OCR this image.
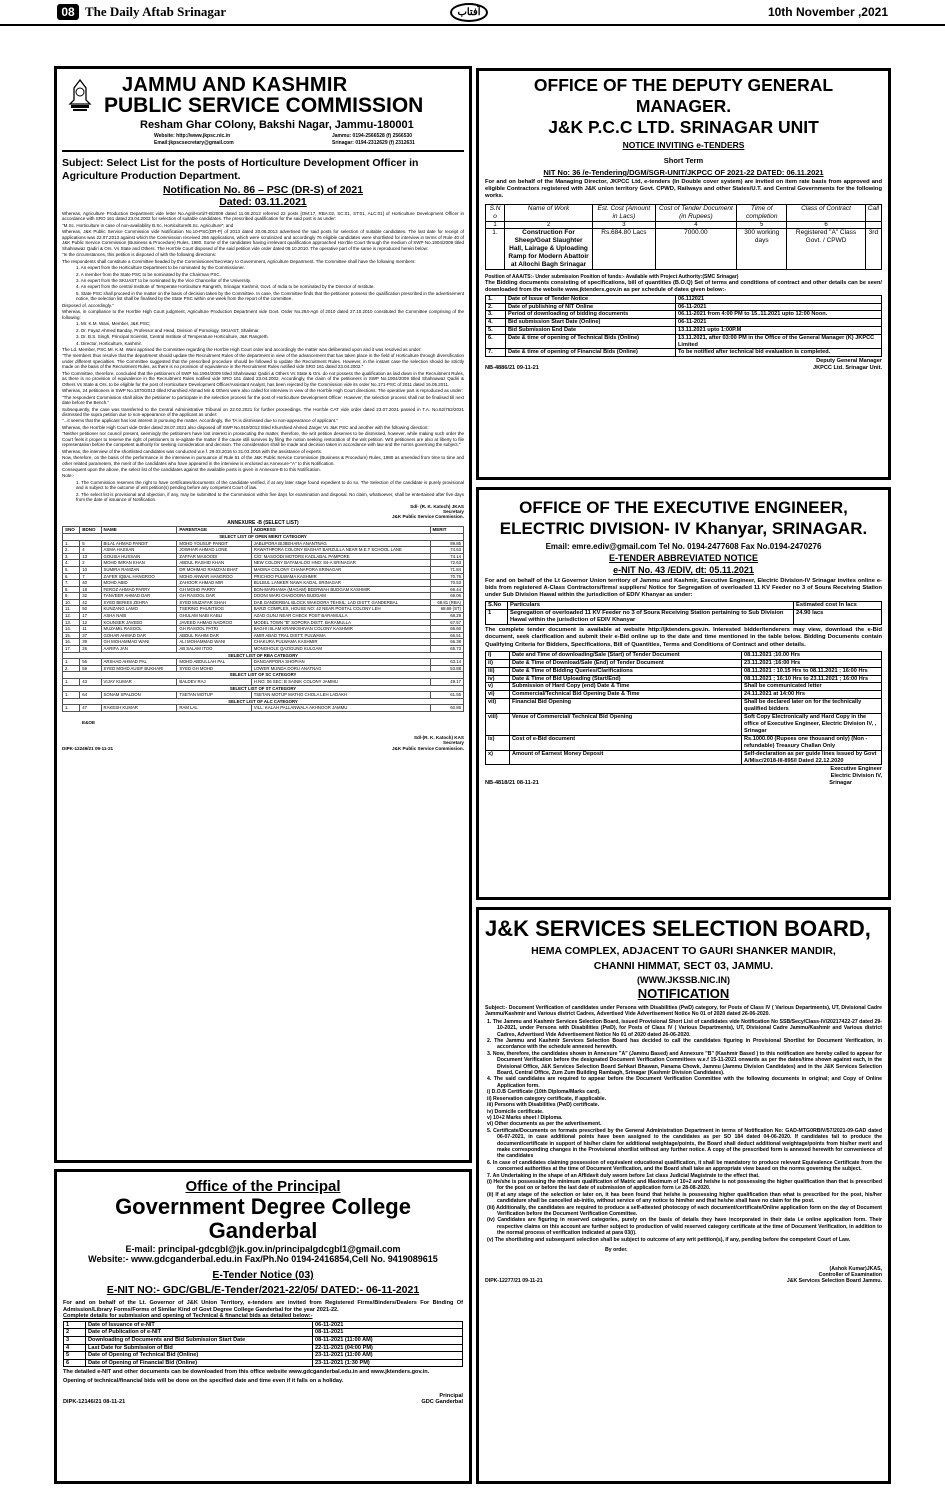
08 The Daily Aftab Srinagar	آفتاب	10th November ,2021
JAMMU AND KASHMIR
PUBLIC SERVICE COMMISSION
Resham Ghar COlony, Bakshi Nagar, Jammu-180001
Website: http://www.jkpsc.nic.in
Email:jkpscsecretary@gmail.com
Jammu: 0194-2566528 (f) 2566530
Srinagar: 0194-2312629 (f) 2312631
Subject: Select List for the posts of Horticulture Development Officer in Agriculture Production Department.
Notification No. 86 – PSC (DR-S) of 2021
Dated: 03.11.2021

Whereas, Agriculture Production Department vide letter No.Agri/Horti/7-B/2009 dated 11.06.2013 referred 22 posts [OM:17, RBA:02, SC:01, ST:01, ALC:01] of Horticulture Development Officer in accordance with SRO 161 dated 23.04.2002 for selection of suitable candidates. The prescribed qualification for the said post is as under:

"M.Sc. Horticulture in case of non-availability B.Sc. Horticulture/B.Sc. Agriculture"; and

Whereas, J&K Public Service Commission vide Notification No.10-PSC(DR-P) of 2013 dated 20.06.2013 advertised the said posts for selection of suitable candidates. The last date for receipt of applications was 22.07.2013 against which the Commission received 266 applications, which were scrutinized and accordingly 76 eligible candidates were shortlisted for interview in terms of Rule 40 of J&K Public Service Commission (Business & Procedure) Rules, 1980. Some of the candidates having irrelevant qualification approached Hon'ble Court through the medium of SWP No.1904/2009 titled Shahnawaz Qadiri & Ors. Vs State and Others. The Hon'ble Court disposed of the said petition vide order dated 08.10.2010. The operative part of the same is reproduced herein below:

"In the circumstances, this petition is disposed of with the following directions:

The respondents shall constitute a Committee headed by the Commissioner/Secretary to Government, Agriculture Department. The Committee shall have the following members:

1. An expert from the Horticulture Department to be nominated by the Commissioner.

2. A member from the State PSC to be nominated by the Chairman PSC.

3. An expert from the SKUAST to be nominated by the Vice Chancellor of the University.

4. An expert from the central Institute of Temperate Horticulture Rangreth, Srinagar Kashmir, Govt. of India to be nominated by the Director of Institute.

5. State PSC shall proceed in the matter on the basis of decision taken by the Committee. In case, the Committee finds that the petitioner possess the qualification prescribed in the advertisement notice, the selection list shall be finalised by the State PSC within one week from the report of the committee.

Disposed of, accordingly."

Whereas, in compliance to the Hon'ble High Court judgment, Agriculture Production Department vide Govt. Order No.264-Agri of 2010 dated 27.10.2010 constituted the Committee comprising of the following:

1. Mr. K.M. Wani, Member, J&K PSC;

2. Dr. Fayaz Ahmed Banday, Professor and Head, Division of Pomology, SKUAST, Shalimar.

3. Dr. B.S. Singh, Principal Scientist, Central Institute of Temperature Horticulture, J&K Rangreth.

4. Director, Horticulture, Kashmir.

The Ld. Member, PSC Mr. K.M. Wani apprised the Committee regarding the Hon'ble High Court order and accordingly the matter was deliberated upon and it was resolved as under:

"The members thus resolve that the department should update the Recruitment Rules of the department in view of the advancement that has taken place in the field of Horticulture through diversification under different specialties. The Committee suggested that the prescribed procedure should be followed to update the Recruitment Rules. However, in the instant case the selection should be strictly made on the basis of the Recruitment Rules, as there is no provision of equivalence in the Recruitment Rules notified vide SRO 161 dated 23.04.2002."

The Committee, therefore, concluded that the petitioners of SWP No.1904/2009 titled Shahnawaz Qadiri & Others Vs State & Ors. do not possess the qualification as laid down in the Recruitment Rules, as there is no provision of equivalence in the Recruitment Rules notified vide SRO 161 dated 23.04.2002. Accordingly, the claim of the petitioners in SWP No.1904/2009 titled Shahnawaz Qadiri & Others Vs State & Ors. to be eligible for the post of Horticulture Development Officer/Assistant Analyst, has been rejected by the Commission vide its order No.171-PSC of 2011 dated 16.05.2011.

Whereas, 24 petitioners in SWP No.1870/2013 titled Khurshied Ahmad Mir & Others were also called for interview in view of the Hon'ble High Court directions. The operative part is reproduced as under:

"The respondent Commission shall allow the petitioner to participate in the selection process for the post of Horticulture Development Officer. However, the selection process shall not be finalised till next date before the Bench."

Subsequently, the case was transferred to the Central Administrative Tribunal on 22.02.2021 for further proceedings. The Hon'ble CAT vide order dated 23.07.2021 passed in T.A. No.62/762/2021 dismissed the supra petition due to non-appearance of the applicant as under:

"...it seems that the applicant has lost interest in pursuing the matter. Accordingly, the TA is dismissed due to non-appearance of applicant."

Whereas, the Hon'ble High Court vide Order dated 28.07.2021 also disposed off SWP No.919/2012 titled Khurshied Ahmed Zarger Vs J&K PSC and another with the following direction:

"Neither petitioner nor council present, seemingly the petitioners have lost interest in prosecuting the matter, therefore, the writ petition deserves to be dismissed, however, while making such order the Court feels it proper to reserve the right of petitioners to re-agitate the matter if the cause still survives by filing the notion seeking restoration of the writ petition. Writ petitioners are also at liberty to file representation before the competent authority for seeking consideration and decision. The consideration shall be made and decision taken in accordance with law and the norms governing the subject."

Whereas, the interview of the shortlisted candidates was conducted w.e.f. 29.03.2016 to 31.03.2016 with the assistance of experts.

Now, therefore, on the basis of the performance in the interview in pursuance of Rule 51 of the J&K Public Service Commission (Business & Procedure) Rules, 1980 as amended from time to time and other related parameters, the merit of the candidates who have appeared in the interview is enclosed as Annexure-"A" to this Notification.

Consequent upon the above, the select list of the candidates against the available posts is given in Annexure-B to this Notification.

Note:-

1. The Commission reserves the right to have certificates/documents of the candidate verified, if at any later stage found expedient to do so. The Selection of the candidate is purely provisional and is subject to the outcome of writ petition(s) pending before any competent Court of law.

2. The select list is provisional and objection, if any, may be submitted to the Commission within five days for examination and disposal. No claim, whatsoever, shall be entertained after five days from the date of issuance of Notification.

Sd/- (R. K. Katoch) JKAS
Secretary
J&K Public Service Commission.
ANNEXURE -B (SELECT LIST)
SNO	BDNO	NAME	PARENTAGE	ADDRESS	MERIT
SELECT LIST OF OPEN MERIT CATEGORY					
1.	5	BILAL AHMAD PANDIT	MOHD YOUSUF PANDIT	JABLIPORA BIJBEHARA ANANTNAG	89.85
2.	4	ASMA HASSAN	JOWHAR AHMAD LONE	RAWATHPORA COLONY BAGHAT BARZULLA NEAR M.E.T SCHOOL LANE	74.63
3.	13	GOUSIA HUSSAIN	ZAFFAR MASOODI	C/O: MASOODI MOTORS KADLABAL PAMPORE	74.14
4.	2	MOHD IMRAN KHAN	ABDUL RASHID KHAN	NEW COLONY BATAMALOO HNO: 84-A SRINAGAR	72.63
5.	10	SUMIRA RAMZAN	DR MOHMAD RAMZAN BHAT	MADINA COLONY CHANAPORA SRINAGAR	71.84
6.	7	ZAFER IQBAL HANGROO	MOHD ANWAR HANGROO	PRICHOO PULWAMA KASHMIR	70.76
7.	40	MOHD ABID	ZAHOOR AHMAD MIR	BULBUL LANKER NAWA KADAL SRINAGAR	70.53
8.	18	FEROZ AHMAD PARRY	GH MOHD PARRY	BON-MARHAMA (MAGAM) BEERWAH BUDGAM KASHMIR	69.44
9.	32	TANVEER AHMAD DAR	GH RASOOL DAR	DOONI WARI CHADOORA BUDGAM	69.06
10.	42	SYED BERIES ZEHRA	SYED MUZAFAR SHAH	DAB GANDERBAL BLOCK WAKOORA TEHSIL: LAD DISTT: GANDERBAL	68.81 (RBA)
11.	50	KUNZANG LAMO	TSERING PHUNTSOG	BARZI COMPLEX, HOUSE NO: 42 NEAR POSTAL COLONY LEH	68.69 (ST)
12.	17	ASHA NABI	GHULAM NABI KABLI	AZAD GUNJ NEAR CHECK POST BARAMULLA	68.29
13.	12	KOUNSER JAVEED	JAVEED AHMAD NADROO	MODEL TOWN "B" SOPORA DISTT. BARAMULLA	67.57
14.	11	MUZAMIL RASOOL	GH RASOOL PATRI	BAGHI ISLAM KRANKSHIVAN COLONY KASHMIR	66.60
15.	37	GOHAR AHMAD DAR	ABDUL RAHIM DAR	AMIR ABAD TRAL DISTT: PULWAMA	66.51
16.	39	GH MOHAMMAD WANI	ALI MOHAMMAD WANI	CHAKURA PULWAMA KASHMIR	66.38
17.	26	AARIFA JAN	AB SALAM ITOO	MONGHOLE QAZIGUND KULGAM	65.73
SELECT LIST OF RBA CATEGORY					
1.	56	ARSHAD AHMAD PAL	MOHD ABDULLAH PAL	DANGARPORA SHOPIAN	63.14
2.	59	SYED MOHD AUSIF BUKHARI	SYED GH MOHD	LOWER MUNDA DORU ANATNAG	53.88
SELECT LIST OF SC CATEGORY					
1.	43	VIJAY KUMAR	BALDEV RAJ	H.NO: 06 SEC: B SAINIK COLONY JAMMU	49.17
SELECT LIST OF ST CATEGORY					
1.	64	SONAM SPALDON	TSETAN MOTUP	TSETAN MOTUP MATHO CHOLA LEH LADAKH	61.55
SELECT LIST OF ALC CATEGORY					
1.	47	RAKESH KUMAR	RAM LAL	VILL: KALAH PALLANWALA AKHNOOR JAMMU	60.86
E&OE
Sd/-(R. K. Katoch) KAS
Secretary
DIPK-12249/21 09-11-21	J&K Public Service Commission.
Office of the Principal
Government Degree College Ganderbal
E-mail: principal-gdcgbl@jk.gov.in/principalgdcgbl1@gmail.com
Website:- www.gdcganderbal.edu.in Fax/Ph.No 0194-2416854,Cell No. 9419089615
E-Tender Notice (03)
E-NIT NO:- GDC/GBL/E-Tender/2021-22/05/ DATED:- 06-11-2021
For and on behalf of the Lt. Governor of J&K Union Territory, e-tenders are invited from Registered Firms/Binders/Dealers For Binding Of Admission/Library Forms/Forms of Similar Kind of Govt Degree College Ganderbal for the year 2021-22.
Complete details for submission and opening of Technical & financial bids as detailed below:-
1	Date of Issuance of e-NIT	06-11-2021
2	Date of Publication of e-NIT	08-11-2021
3	Downloading of Documents and Bid Submission Start Date	08-11-2021 (11:00 AM)
4	Last Date for Submission of Bid	22-11-2021 (04:00 PM)
5	Date of Opening of Technical Bid (Online)	23-11-2021 (11:00 AM)
6	Date of Opening of Financial Bid (Online)	23-11-2021 (1:30 PM)
The detailed e-NIT and other documents can be downloaded from this office website www.gdcganderbal.edu.in and www.jktenders.gov.in.
Opening of technical/financial bids will be done on the specified date and time even if it falls on a holiday.
Principal
DIPK-12146/21 08-11-21	GDC Ganderbal
OFFICE OF THE DEPUTY GENERAL MANAGER.
J&K P.C.C LTD. SRINAGAR UNIT
NOTICE INVITING e-TENDERS
Short Term
NIT No: 36 /e-Tendering/DGM/SGR-UNIT/JKPCC OF 2021-22 DATED: 06.11.2021
For and on behalf of the Managing Director, JKPCC Ltd, e-tenders (In Double cover system) are invited on item rate basis from approved and eligible Contractors registered with J&K union territory Govt. CPWD, Railways and other States/U.T. and Central Governments for the following works.
S.N o	Name of Work	Est. Cost (Amount in Lacs)	Cost of Tender Document (in Rupees)	Time of completion	Class of Contract	Call
1	2	3	4	5	6	
1.	Construction For Sheep/Goat Slaughter Hall, Lairage & Uploading Ramp for Modern Abattoir at Allochi Bagh Srinagar	Rs.684.80 Lacs	7000.00	300 working days	Registered "A" Class Govt. / CPWD	3rd
Position of AAA/TS:- Under submission Position of funds:- Available with Project Authority:(SMC Srinagar)
The Bidding documents consisting of specifications, bill of quantities (B.O.Q) Set of terms and conditions of contract and other details can be seen/ downloaded from the website www.jktenders.gov.in as per schedule of dates given below:-
1.	Date of Issue of Tender Notice	06.112021
2.	Date of publishing of NIT Online	06-11-2021
3.	Period of downloading of bidding documents	06.11-2021 from 4:00 PM to 15..11.2021 upto 12:00 Noon.
4.	Bid submission Start Date (Online)	06-11-2021
5.	Bid Submission End Date	13.11.2021 upto 1:00P.M
6.	Date & time of opening of Technical Bids (Online)	13.11.2021, after 03:00 PM in the Office of the General Manager (K) JKPCC Limited
7.	Date & time of opening of Financial Bids (Online)	To be notified after technical bid evaluation is completed.
Deputy General Manager
NB-4886/21 09-11-21	JKPCC Ltd. Srinagar Unit.
OFFICE OF THE EXECUTIVE ENGINEER,
ELECTRIC DIVISION- IV Khanyar, SRINAGAR.
Email: emre.ediv@gmail.com Tel No. 0194-2477608 Fax No.0194-2470276
E-TENDER ABBREVIATED NOTICE
e-NIT No. 43 /EDIV, dt: 05.11.2021
For and on behalf of the Lt Governor Union territory of Jammu and Kashmir, Executive Engineer, Electric Division-IV Srinagar invites online e-bids from registered A-Class Contractors/firms/ suppliers/ Notice for Segregation of overloaded 11 KV Feeder no 3 of Soura Receiving Station under Sub Division Hawal within the jurisdiction of EDIV Khanyar as under:
S.No	Particulars	Estimated cost In lacs
1	Segregation of overloaded 11 KV Feeder no 3 of Soura Receiving Station pertaining to Sub Division Hawal within the jurisdiction of EDIV Khanyar	24.90 lacs
The complete tender document is available at website http://jktenders.gov.in. Interested bidder/tenderers may view, download the e-Bid document, seek clarification and submit their e-Bid online up to the date and time mentioned in the table below. Bidding Documents contain Qualifying Criteria for Bidders, Specifications, Bill of Quantities, Terms and Conditions of Contract and other details.
i)	Date and Time of downloading/Sale (Start) of Tender Document	08.11.2021 ;10.00 Hrs
ii)	Date & Time of Download/Sale (End) of Tender Document	23.11.2021 ;16:00 Hrs
iii)	Date & Time of Bidding Queries/Clarifications	08.11.2021 : 10.15 Hrs to 08.11.2021 ; 16:00 Hrs
iv)	Date & Time of Bid Uploading (Start/End)	08.11.2021 ; 16:10 Hrs to 23.11.2021 ; 16:00 Hrs
v)	Submission of Hard Copy (end) Date & Time	Shall be communicated letter
vi)	Commercial/Technical Bid Opening Date & Time	24.11.2021 at 14:00 Hrs
vii)	Financial Bid Opening	Shall be declared later on for the technically qualified bidders
viii)	Venue of Commercial/ Technical Bid Opening	Soft Copy Electronically and Hard Copy in the office of Executive Engineer, Electric Division IV, , Srinagar
ix)	Cost of e-Bid document	Rs.1000.00 (Rupees one thousand only) (Non -refundable) Treasury Challan Only
x)	Amount of Earnest Money Deposit	Self-declaration as per guide lines issued by Govt A/Misc/2018-III-895/I Dated 22.12.2020
Executive Engineer
Electric Division IV,
NB-4818/21 08-11-21	Srinagar
J&K SERVICES SELECTION BOARD,
HEMA COMPLEX, ADJACENT TO GAURI SHANKER MANDIR,
CHANNI HIMMAT, SECT 03, JAMMU.
(WWW.JKSSB.NIC.IN)
NOTIFICATION
Subject:- Document Verification of candidates under Persons with Disabilities (PwD) category, for Posts of Class IV ( Various Departments), UT, Divisional Cadre Jammu/Kashmir and Various district Cadres, Advertised Vide Advertisement Notice No 01 of 2020 dated 26-06-2020.
1. The Jammu and Kashmir Services Selection Board, issued Provisional Short List of candidates vide Notification No SSB/Secy/Class-IV/20217422-27 dated 29-10-2021, under Persons with Disabilities (PwD), for Posts of Class IV ( Various Departments), UT, Divisional Cadre Jammu/Kashmir and Various district Cadres, Advertised Vide Advertisement Notice No 01 of 2020 dated 26-06-2020.
2. The Jammu and Kashmir Services Selection Board has decided to call the candidates figuring in Provisional Shortlist for Document Verification, in accordance with the schedule annexed herewith.
3. Now, therefore, the candidates shown in Annexure "A" (Jammu Based) and Annexure "B" (Kashmir Based ) to this notification are hereby called to appear for Document Verification before the designated Document Verification Committees w.e.f 15-11-2021 onwards as per the dates/time shown against each, in the Divisional Office, J&K Services Selection Board Sehkari Bhawan, Panama Chowk, Jammu (Jammu Division Candidates) and in the J&K Services Selection Board, Central Office, Zum Zum Building Rambagh, Srinagar (Kashmir Division Candidates).
4. The said candidates are required to appear before the Document Verification Committee with the following documents in original; and Copy of Online Application form.
i) D.O.B Certificate (10th Diploma/Marks card).
ii) Reservation category certificate, if applicable.
iii) Persons with Disabilities (PwD) certificate.
iv) Domicile certificate.
v) 10+2 Marks sheet / Diploma.
vi) Other documents as per the advertisement.
5. Certificate/Documents on formats prescribed by the General Administration Department in terms of Notification No: GAD-MTG0RBIV/57/2021-09-GAD dated 06-07-2021, in case additional points have been assigned to the candidates as per SO 184 dated 04-06-2020. If candidates fail to produce the document/certificate in support of his/her claim for additional weightage/points, the Board shall deduct additional weightage/points from his/her merit and make corresponding changes in the Provisional shortlist without any further notice. A copy of the prescribed form is annexed herewith for convenience of the candidates
6. In case of candidates claiming possession of equivalent educational qualification, it shall be mandatory to produce relevant Equivalence Certificate from the concerned authorities at the time of Document Verification, and the Board shall take an appropriate view based on the norms governing the subject.
7. An Undertaking in the shape of an Affidavit duly sworn before 1st class Judicial Magistrate to the effect that.
(i) He/she is possessing the minimum qualification of Matric and Maximum of 10+2 and he/she is not possessing the higher qualification than that is prescribed for the post on or before the last date of submission of application form i.e 28-08-2020.
(ii) If at any stage of the selection or later on, it has been found that he/she is possessing higher qualification than what is prescribed for the post, his/her candidature shall be cancelled ab-initio, without service of any notice to him/her and that he/she shall have no claim for the post.
(iii) Additionally, the candidates are required to produce a self-attested photocopy of each document/certificate/Online application form on the day of Document Verification before the Document Verification Committee.
(iv) Candidates are figuring in reserved categories, purely on the basis of details they have incorporated in their data i.e online application form. Their respective claims on this account are further subject to production of valid reserved category certificate at the time of Document Verification, in addition to the normal process of verification indicated at para 03(i).
(v) The shortlisting and subsequent selection shall be subject to outcome of any writ petition(s), if any, pending before the competent Court of Law.
By order.
(Ashok Kumar)JKAS,
Controller of Examination
DIPK-12277/21 09-11-21	J&K Services Selection Board Jammu.
